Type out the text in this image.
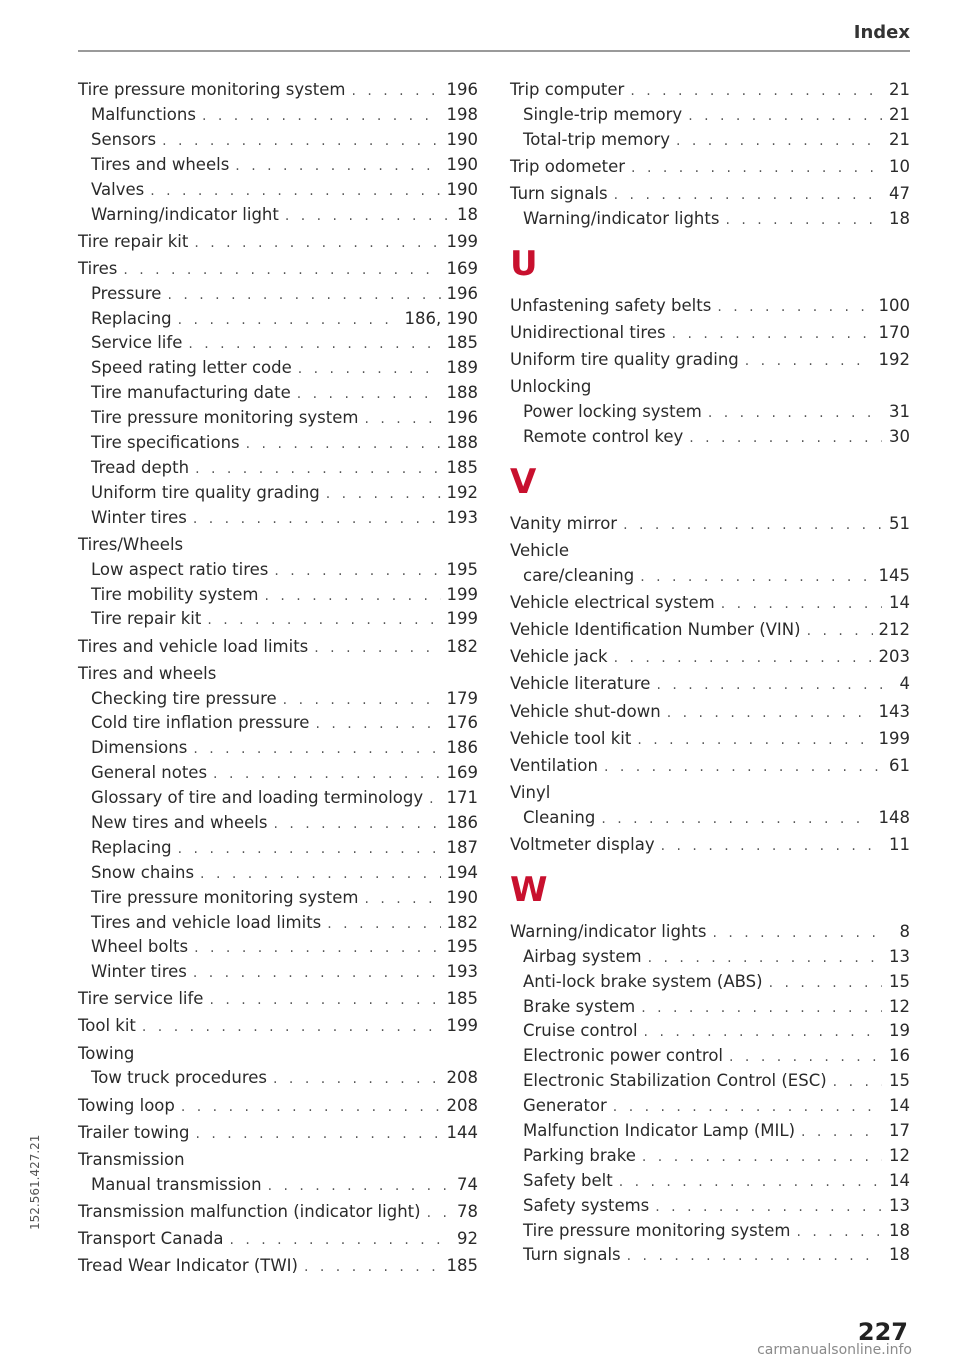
Index
Tire pressure monitoring system . . .	196
Malfunctions . . .	198
Sensors . . .	190
Tires and wheels . . .	190
Valves . . .	190
Warning/indicator light . . .	18
Tire repair kit . . .	199
Tires . . .	169
Pressure . . .	196
Replacing . . .	186, 190
Service life . . .	185
Speed rating letter code . . .	189
Tire manufacturing date . . .	188
Tire pressure monitoring system . . .	196
Tire specifications . . .	188
Tread depth . . .	185
Uniform tire quality grading . . .	192
Winter tires . . .	193
Tires/Wheels
Low aspect ratio tires . . .	195
Tire mobility system . . .	199
Tire repair kit . . .	199
Tires and vehicle load limits . . .	182
Tires and wheels
Checking tire pressure . . .	179
Cold tire inflation pressure . . .	176
Dimensions . . .	186
General notes . . .	169
Glossary of tire and loading terminology . . . 171
New tires and wheels . . .	186
Replacing . . .	187
Snow chains . . .	194
Tire pressure monitoring system . . .	190
Tires and vehicle load limits . . .	182
Wheel bolts . . .	195
Winter tires . . .	193
Tire service life . . .	185
Tool kit . . .	199
Towing
Tow truck procedures . . .	208
Towing loop . . .	208
Trailer towing . . .	144
Transmission
Manual transmission . . .	74
Transmission malfunction (indicator light) . . . 78
Transport Canada . . .	92
Tread Wear Indicator (TWI) . . .	185
Trip computer . . .	21
Single-trip memory . . .	21
Total-trip memory . . .	21
Trip odometer . . .	10
Turn signals . . .	47
Warning/indicator lights . . .	18
U
Unfastening safety belts . . .	100
Unidirectional tires . . .	170
Uniform tire quality grading . . .	192
Unlocking
Power locking system . . .	31
Remote control key . . .	30
V
Vanity mirror . . .	51
Vehicle
care/cleaning . . .	145
Vehicle electrical system . . .	14
Vehicle Identification Number (VIN) . . .	212
Vehicle jack . . .	203
Vehicle literature . . .	4
Vehicle shut-down . . .	143
Vehicle tool kit . . .	199
Ventilation . . .	61
Vinyl
Cleaning . . .	148
Voltmeter display . . .	11
W
Warning/indicator lights . . .	8
Airbag system . . .	13
Anti-lock brake system (ABS) . . .	15
Brake system . . .	12
Cruise control . . .	19
Electronic power control . . .	16
Electronic Stabilization Control (ESC) . . .	15
Generator . . .	14
Malfunction Indicator Lamp (MIL) . . .	17
Parking brake . . .	12
Safety belt . . .	14
Safety systems . . .	13
Tire pressure monitoring system . . .	18
Turn signals . . .	18
152.561.427.21
227
carmanualsonline.info
